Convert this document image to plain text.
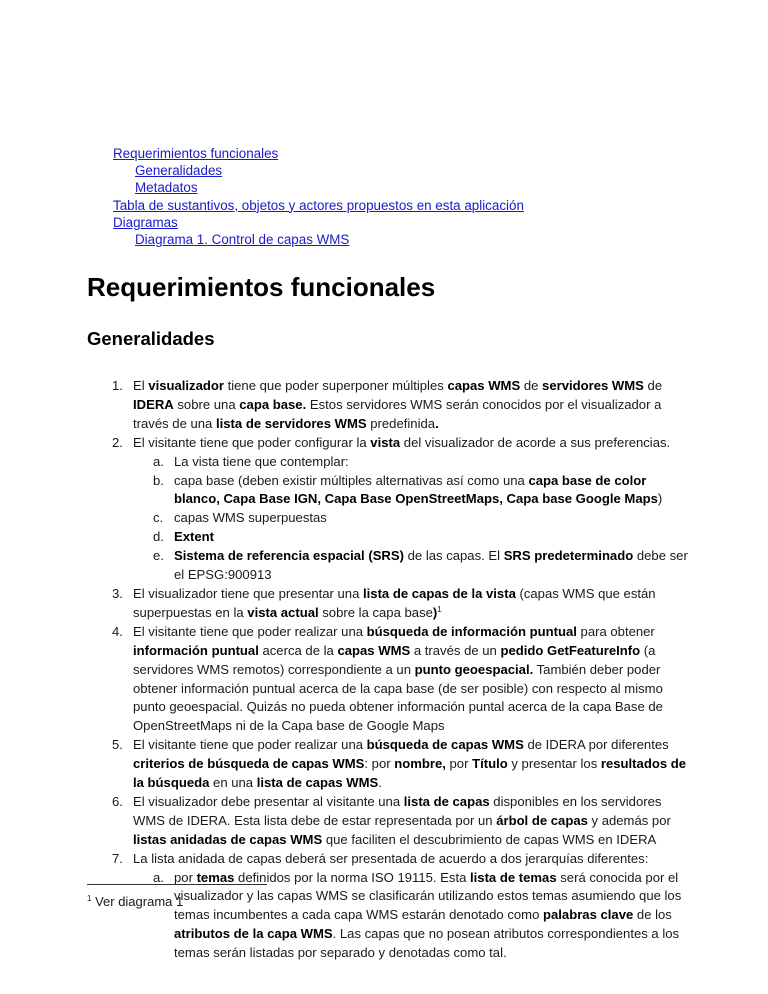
Requerimientos funcionales
Generalidades
Metadatos
Tabla de sustantivos, objetos y actores propuestos en esta aplicación
Diagramas
Diagrama 1. Control de capas WMS
Requerimientos funcionales
Generalidades
1. El visualizador tiene que poder superponer múltiples capas WMS de servidores WMS de IDERA sobre una capa base. Estos servidores WMS serán conocidos por el visualizador a través de una lista de servidores WMS predefinida.
2. El visitante tiene que poder configurar la vista del visualizador de acorde a sus preferencias.
a. La vista tiene que contemplar:
b. capa base (deben existir múltiples alternativas así como una capa base de color blanco, Capa Base IGN, Capa Base OpenStreetMaps, Capa base Google Maps)
c. capas WMS superpuestas
d. Extent
e. Sistema de referencia espacial (SRS) de las capas. El SRS predeterminado debe ser el EPSG:900913
3. El visualizador tiene que presentar una lista de capas de la vista (capas WMS que están superpuestas en la vista actual sobre la capa base)$^1$
4. El visitante tiene que poder realizar una búsqueda de información puntual para obtener información puntual acerca de la capas WMS a través de un pedido GetFeatureInfo (a servidores WMS remotos) correspondiente a un punto geoespacial. También deber poder obtener información puntual acerca de la capa base (de ser posible) con respecto al mismo punto geoespacial. Quizás no pueda obtener información puntal acerca de la capa Base de OpenStreetMaps ni de la Capa base de Google Maps
5. El visitante tiene que poder realizar una búsqueda de capas WMS de IDERA por diferentes criterios de búsqueda de capas WMS: por nombre, por Título y presentar los resultados de la búsqueda en una lista de capas WMS.
6. El visualizador debe presentar al visitante una lista de capas disponibles en los servidores WMS de IDERA. Esta lista debe de estar representada por un árbol de capas y además por listas anidadas de capas WMS que faciliten el descubrimiento de capas WMS en IDERA
7. La lista anidada de capas deberá ser presentada de acuerdo a dos jerarquías diferentes:
a. por temas definidos por la norma ISO 19115. Esta lista de temas será conocida por el visualizador y las capas WMS se clasificarán utilizando estos temas asumiendo que los temas incumbentes a cada capa WMS estarán denotado como palabras clave de los atributos de la capa WMS. Las capas que no posean atributos correspondientes a los temas serán listadas por separado y denotadas como tal.
$^1$ Ver diagrama 1
